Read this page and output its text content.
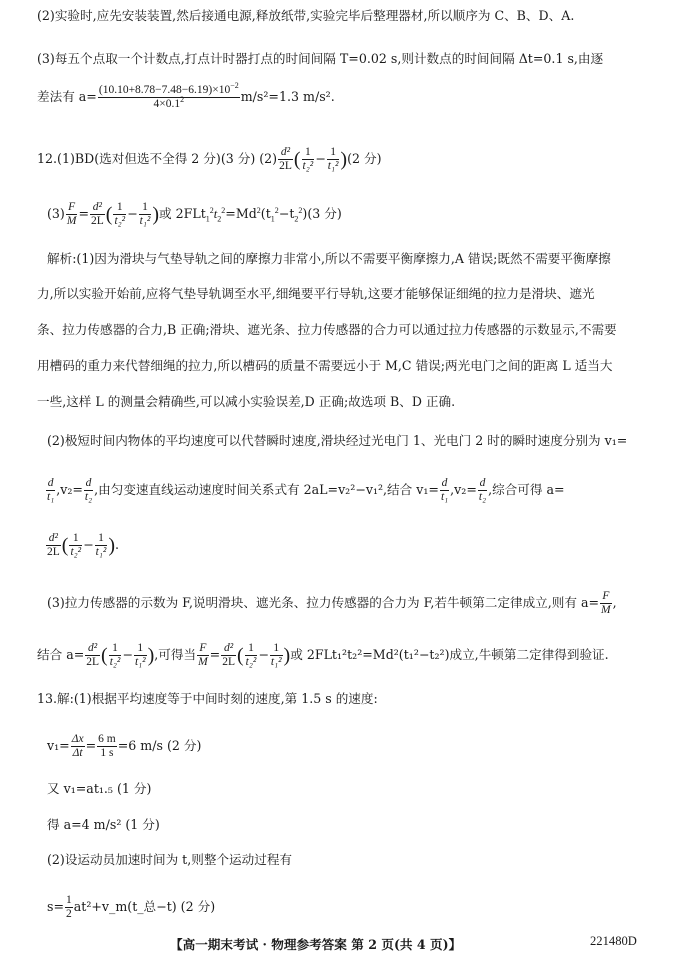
(2)实验时,应先安装装置,然后接通电源,释放纸带,实验完毕后整理器材,所以顺序为 C、B、D、A.
(3)每五个点取一个计数点,打点计时器打点的时间间隔 T=0.02 s,则计数点的时间间隔 Δt=0.1 s,由逐
差法有 $a= \frac{(10.10+8.78-7.48-6.19)\times 10^{-2}}{4\times 0.1^2} m/s^2=1.3$ m/s².
12.(1)BD(选对但选不全得 2 分)(3 分) $(2) \frac{\text{d²}}{2L}$ ( $\frac{1}{\text{t₂²}} - \frac{1}{\text{t₁²}} )(2$ 分)
$(3) \frac{F}{M} = \frac{\text{d²}}{2L}$ ( $\frac{1}{\text{t₂²}} - \frac{1}{\text{t₁²}}$ )或 $2FLt_1^2t_2^2=Md^2(t_1^2-t_2^2)(3$ 分)
解析:(1)因为滑块与气垫导轨之间的摩擦力非常小,所以不需要平衡摩擦力,A 错误;既然不需要平衡摩擦
力,所以实验开始前,应将气垫导轨调至水平,细绳要平行导轨,这要才能够保证细绳的拉力是滑块、遮光
条、拉力传感器的合力,B 正确;滑块、遮光条、拉力传感器的合力可以通过拉力传感器的示数显示,不需要
用槽码的重力来代替细绳的拉力,所以槽码的质量不需要远小于 M,C 错误;两光电门之间的距离 L 适当大
一些,这样 L 的测量会精确些,可以减小实验误差,D 正确;故选项 B、D 正确.
(2)极短时间内物体的平均速度可以代替瞬时速度,滑块经过光电门 1、光电门 2 时的瞬时速度分别为 v₁=
$\frac{d}{\text{t₁}} ,v_2= \frac{d}{\text{t₂}}$ ,由匀变速直线运动速度时间关系式有 2aL=v₂²−v₁²,结合 $v_1= \frac{d}{\text{t₁}} ,v_2= \frac{d}{\text{t₂}}$ ,综合可得 a=
$\frac{\text{d²}}{2L}$ ( $\frac{1}{\text{t₂²}} - \frac{1}{\text{t₁²}}$ ).
(3)拉力传感器的示数为 F,说明滑块、遮光条、拉力传感器的合力为 F,若牛顿第二定律成立,则有 $a= \frac{F}{M}$ ,
结合 $a= \frac{\text{d²}}{2L}$ ( $\frac{1}{\text{t₂²}} - \frac{1}{\text{t₁²}}$ ),可得当 $\frac{F}{M} = \frac{\text{d²}}{2L}$ ( $\frac{1}{\text{t₂²}} - \frac{1}{\text{t₁²}}$ )或 2FLt₁²t₂²=Md²(t₁²−t₂²)成立,牛顿第二定律得到验证.
13.解:(1)根据平均速度等于中间时刻的速度,第 1.5 s 的速度:
$v_1= \frac{\Delta x}{\Delta t} = \frac{6 m}{1 s} =6$ m/s (2 分)
又 v₁=at₁.₅ (1 分)
得 a=4 m/s² (1 分)
(2)设运动员加速时间为 t,则整个运动过程有
$s= \frac{1}{2}$ at²+v_m(t_总−t) (2 分)
【高一期末考试 · 物理参考答案 第 2 页(共 4 页)】	221480D
